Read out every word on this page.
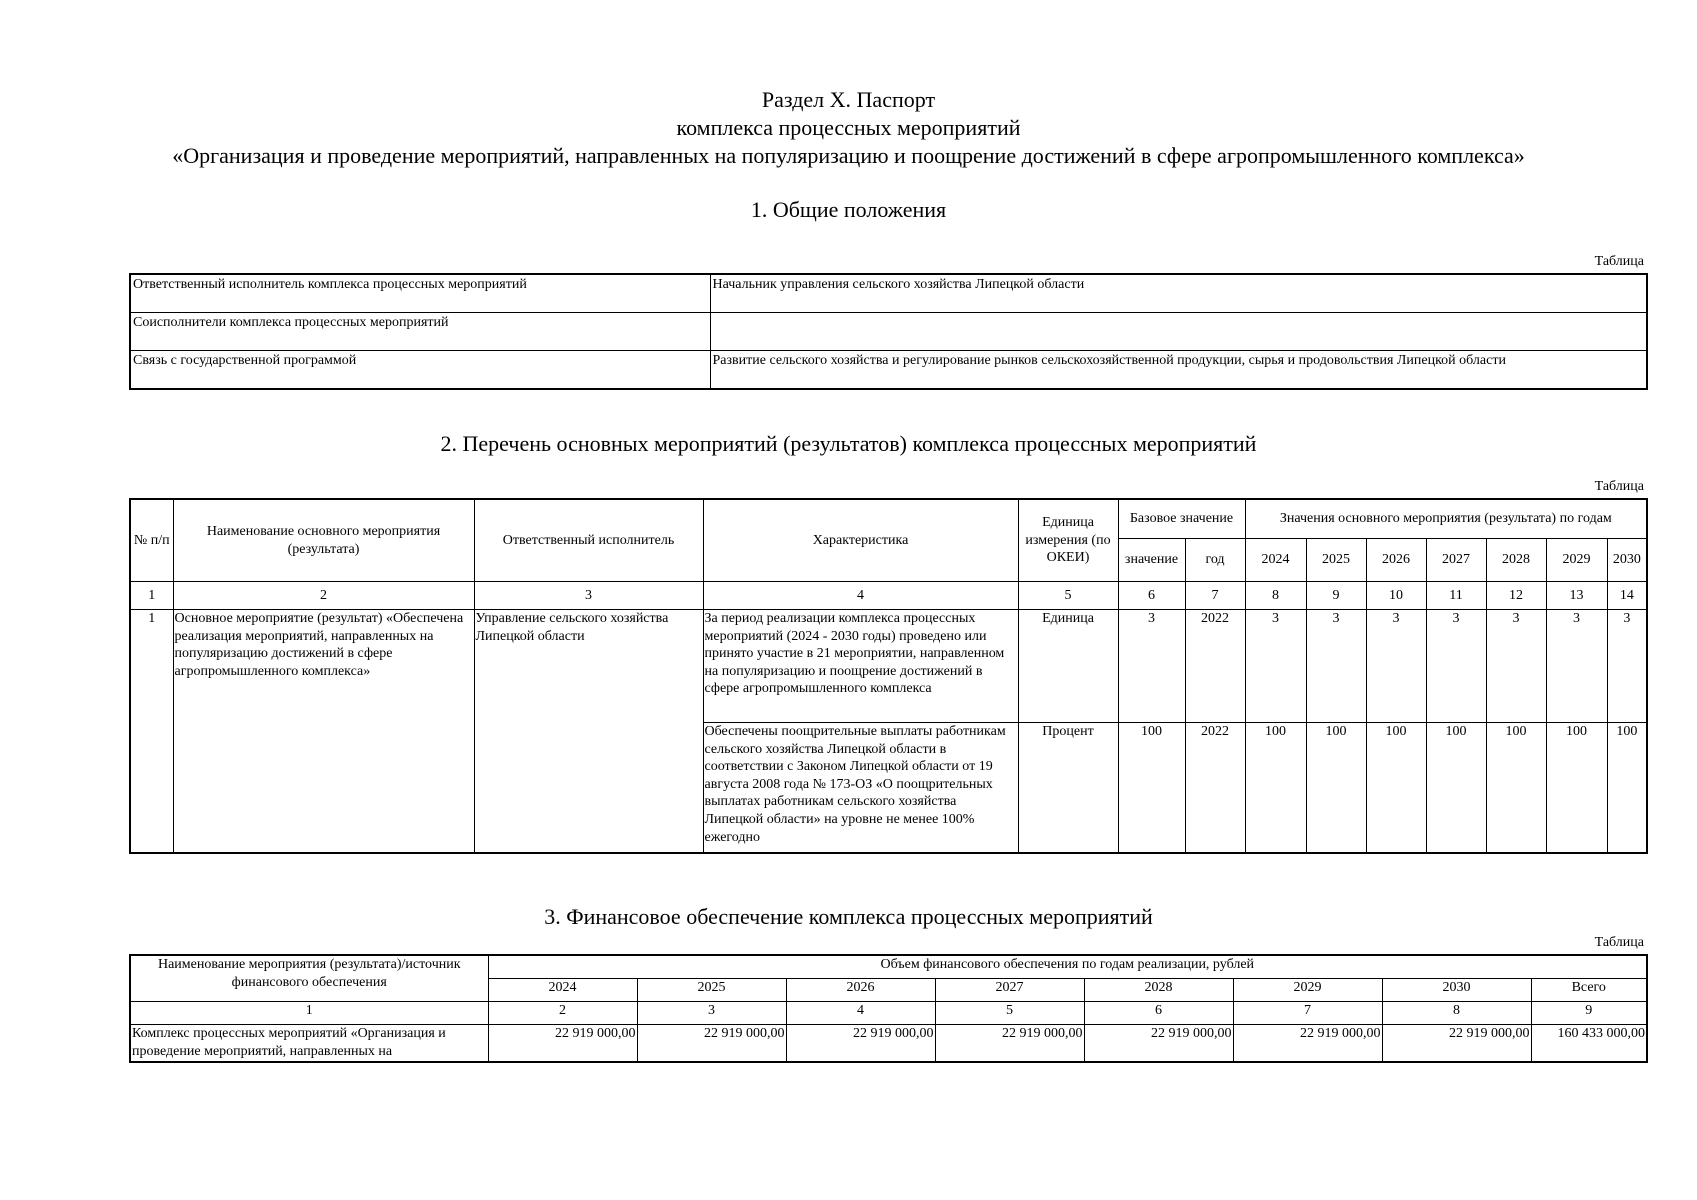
Раздел X. Паспорт
комплекса процессных мероприятий
«Организация и проведение мероприятий, направленных на популяризацию и поощрение достижений в сфере агропромышленного комплекса»
1. Общие положения
Таблица
Ответственный исполнитель комплекса процессных мероприятий	Начальник управления сельского хозяйства Липецкой области
Соисполнители комплекса процессных мероприятий	
Связь с государственной программой	Развитие сельского хозяйства и регулирование рынков сельскохозяйственной продукции, сырья и продовольствия Липецкой области
2. Перечень основных мероприятий (результатов) комплекса процессных мероприятий
Таблица
№ п/п	Наименование основного мероприятия (результата)	Ответственный исполнитель	Характеристика	Единица измерения (по ОКЕИ)	Базовое значение		Значения основного мероприятия (результата) по годам						
					значение	год	2024	2025	2026	2027	2028	2029	2030
1	2	3	4	5	6	7	8	9	10	11	12	13	14
1	Основное мероприятие (результат) «Обеспечена реализация мероприятий, направленных на популяризацию достижений в сфере агропромышленного комплекса»	Управление сельского хозяйства Липецкой области	За период реализации комплекса процессных мероприятий (2024 - 2030 годы) проведено или принято участие в 21 мероприятии, направленном на популяризацию и поощрение достижений в сфере агропромышленного комплекса	Единица	3	2022	3	3	3	3	3	3	3
			Обеспечены поощрительные выплаты работникам сельского хозяйства Липецкой области в соответствии с Законом Липецкой области от 19 августа 2008 года № 173-ОЗ «О поощрительных выплатах работникам сельского хозяйства Липецкой области» на уровне не менее 100% ежегодно	Процент	100	2022	100	100	100	100	100	100	100
3. Финансовое обеспечение комплекса процессных мероприятий
Таблица
Наименование мероприятия (результата)/источник финансового обеспечения	Объем финансового обеспечения по годам реализации, рублей							
	2024	2025	2026	2027	2028	2029	2030	Всего
1	2	3	4	5	6	7	8	9
Комплекс процессных мероприятий «Организация и проведение мероприятий, направленных на	22 919 000,00	22 919 000,00	22 919 000,00	22 919 000,00	22 919 000,00	22 919 000,00	22 919 000,00	160 433 000,00
